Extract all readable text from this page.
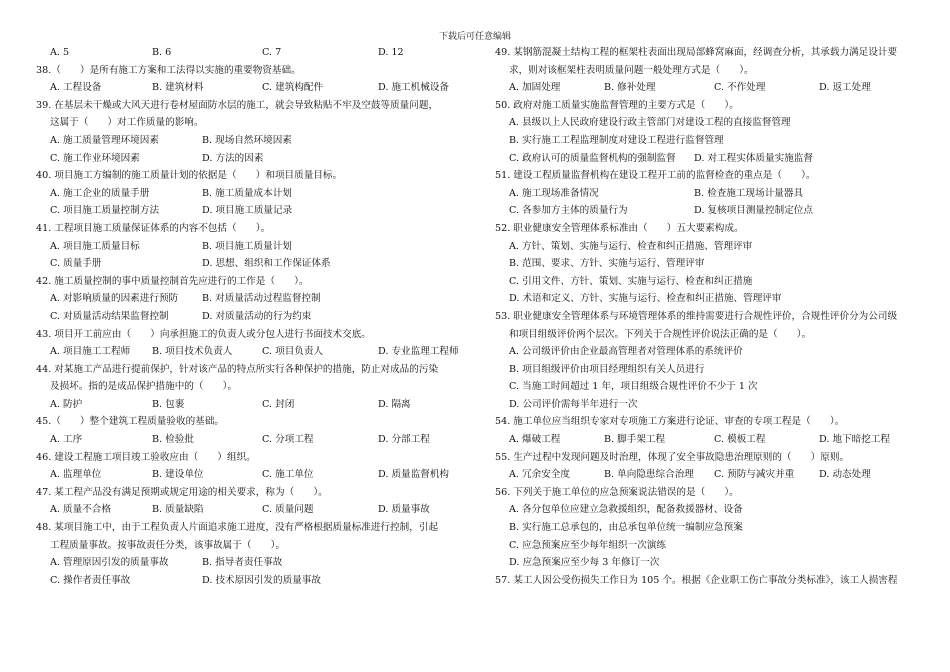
下载后可任意编辑
A. 5	B. 6	C. 7	D. 12
38.（　　）是所有施工方案和工法得以实施的重要物资基础。
A. 工程设备	B. 建筑材料	C. 建筑构配件	D. 施工机械设备
39. 在基层未干燥或大风天进行卷材屋面防水层的施工，就会导致粘贴不牢及空鼓等质量问题，
这属于（　　）对工作质量的影响。
A. 施工质量管理环境因素	B. 现场自然环境因素
C. 施工作业环境因素	D. 方法的因素
40. 项目施工方编制的施工质量计划的依据是（　　）和项目质量目标。
A. 施工企业的质量手册	B. 施工质量成本计划
C. 项目施工质量控制方法	D. 项目施工质量记录
41. 工程项目施工质量保证体系的内容不包括（　　）。
A. 项目施工质量目标	B. 项目施工质量计划
C. 质量手册	D. 思想、组织和工作保证体系
42. 施工质量控制的事中质量控制首先应进行的工作是（　　）。
A. 对影响质量的因素进行预防 B. 对质量活动过程监督控制
C. 对质量活动结果监督控制	D. 对质量活动的行为约束
43. 项目开工前应由（　　）向承担施工的负责人或分包人进行书面技术交底。
A. 项目施工工程师 B. 项目技术负责人	C. 项目负责人	D. 专业监理工程师
44. 对某施工产品进行提前保护，针对该产品的特点所实行各种保护的措施，防止对成品的污染
及损坏。指的是成品保护措施中的（　　）。
A. 防护	B. 包裹	C. 封闭	D. 隔离
45.（　　）整个建筑工程质量验收的基础。
A. 工序	B. 检验批	C. 分项工程	D. 分部工程
46. 建设工程施工项目竣工验收应由（　　）组织。
A. 监理单位	B. 建设单位	C. 施工单位	D. 质量监督机构
47. 某工程产品没有满足预期或规定用途的相关要求，称为（　　）。
A. 质量不合格	B. 质量缺陷	C. 质量问题	D. 质量事故
48. 某项目施工中，由于工程负责人片面追求施工进度，没有严格根据质量标准进行控制，引起
工程质量事故。按事故责任分类，该事故属于（　　）。
A. 管理原因引发的质量事故	B. 指导者责任事故
C. 操作者责任事故	D. 技术原因引发的质量事故
49. 某钢筋混凝土结构工程的框架柱表面出现局部蜂窝麻面，经调查分析，其承载力满足设计要
求，则对该框架柱表明质量问题一般处理方式是（　　）。
A. 加固处理	B. 修补处理	C. 不作处理	D. 返工处理
50. 政府对施工质量实施监督管理的主要方式是（　　）。
A. 县级以上人民政府建设行政主管部门对建设工程的直接监督管理
B. 实行施工工程监理制度对建设工程进行监督管理
C. 政府认可的质量监督机构的强制监督 D. 对工程实体质量实施监督
51. 建设工程质量监督机构在建设工程开工前的监督检查的重点是（　　）。
A. 施工现场准备情况	B. 检查施工现场计量器具
C. 各参加方主体的质量行为	D. 复核项目测量控制定位点
52. 职业健康安全管理体系标准由（　　）五大要素构成。
A. 方针、策划、实施与运行、检查和纠正措施、管理评审
B. 范围、要求、方针、实施与运行、管理评审
C. 引用文件、方针、策划、实施与运行、检查和纠正措施
D. 术语和定义、方针、实施与运行、检查和纠正措施、管理评审
53. 职业健康安全管理体系与环境管理体系的维持需要进行合规性评价，合规性评价分为公司级
和项目组级评价两个层次。下列关于合规性评价说法正确的是（　　）。
A. 公司级评价由企业最高管理者对管理体系的系统评价
B. 项目组级评价由项目经理组织有关人员进行
C. 当施工时间超过 1 年，项目组级合规性评价不少于 1 次
D. 公司评价需每半年进行一次
54. 施工单位应当组织专家对专项施工方案进行论证、审查的专项工程是（　　）。
A. 爆破工程	B. 脚手架工程	C. 模板工程	D. 地下暗挖工程
55. 生产过程中发现问题及时治理，体现了安全事故隐患治理原则的（　　）原则。
A. 冗余安全度	B. 单向隐患综合治理 C. 预防与减灾并重	D. 动态处理
56. 下列关于施工单位的应急预案说法错误的是（　　）。
A. 各分包单位应建立急救援组织，配备救援器材、设备
B. 实行施工总承包的，由总承包单位统一编制应急预案
C. 应急预案应至少每年组织一次演练
D. 应急预案应至少每 3 年修订一次
57. 某工人因公受伤损失工作日为 105 个。根据《企业职工伤亡事故分类标准》，该工人损害程
